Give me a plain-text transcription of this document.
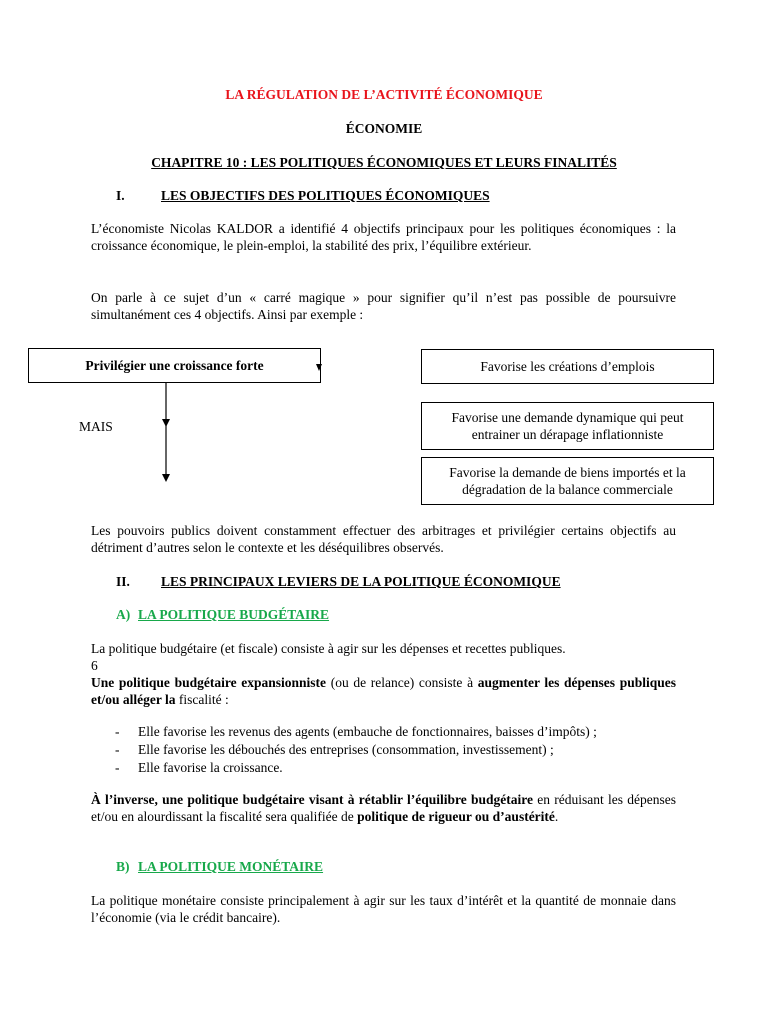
LA RÉGULATION DE L’ACTIVITÉ ÉCONOMIQUE
ÉCONOMIE
CHAPITRE 10 : LES POLITIQUES ÉCONOMIQUES ET LEURS FINALITÉS
I.	LES OBJECTIFS DES POLITIQUES ÉCONOMIQUES
L’économiste Nicolas KALDOR a identifié 4 objectifs principaux pour les politiques économiques : la croissance économique, le plein-emploi, la stabilité des prix, l’équilibre extérieur.
On parle à ce sujet d’un « carré magique » pour signifier qu’il n’est pas possible de poursuivre simultanément ces 4 objectifs. Ainsi par exemple :
Privilégier une croissance forte
MAIS
Favorise les créations d’emplois
Favorise une demande dynamique qui peut entrainer un dérapage inflationniste
Favorise la demande de biens importés et la dégradation de la balance commerciale
Les pouvoirs publics doivent constamment effectuer des arbitrages et privilégier certains objectifs au détriment d’autres selon le contexte et les déséquilibres observés.
II. LES PRINCIPAUX LEVIERS DE LA POLITIQUE ÉCONOMIQUE
A) LA POLITIQUE BUDGÉTAIRE
La politique budgétaire (et fiscale) consiste à agir sur les dépenses et recettes publiques.
6
Une politique budgétaire expansionniste (ou de relance) consiste à augmenter les dépenses publiques et/ou alléger la fiscalité :
- Elle favorise les revenus des agents (embauche de fonctionnaires, baisses d’impôts) ;
- Elle favorise les débouchés des entreprises (consommation, investissement) ;
- Elle favorise la croissance.
À l’inverse, une politique budgétaire visant à rétablir l’équilibre budgétaire en réduisant les dépenses et/ou en alourdissant la fiscalité sera qualifiée de politique de rigueur ou d’austérité.
B) LA POLITIQUE MONÉTAIRE
La politique monétaire consiste principalement à agir sur les taux d’intérêt et la quantité de monnaie dans l’économie (via le crédit bancaire).
